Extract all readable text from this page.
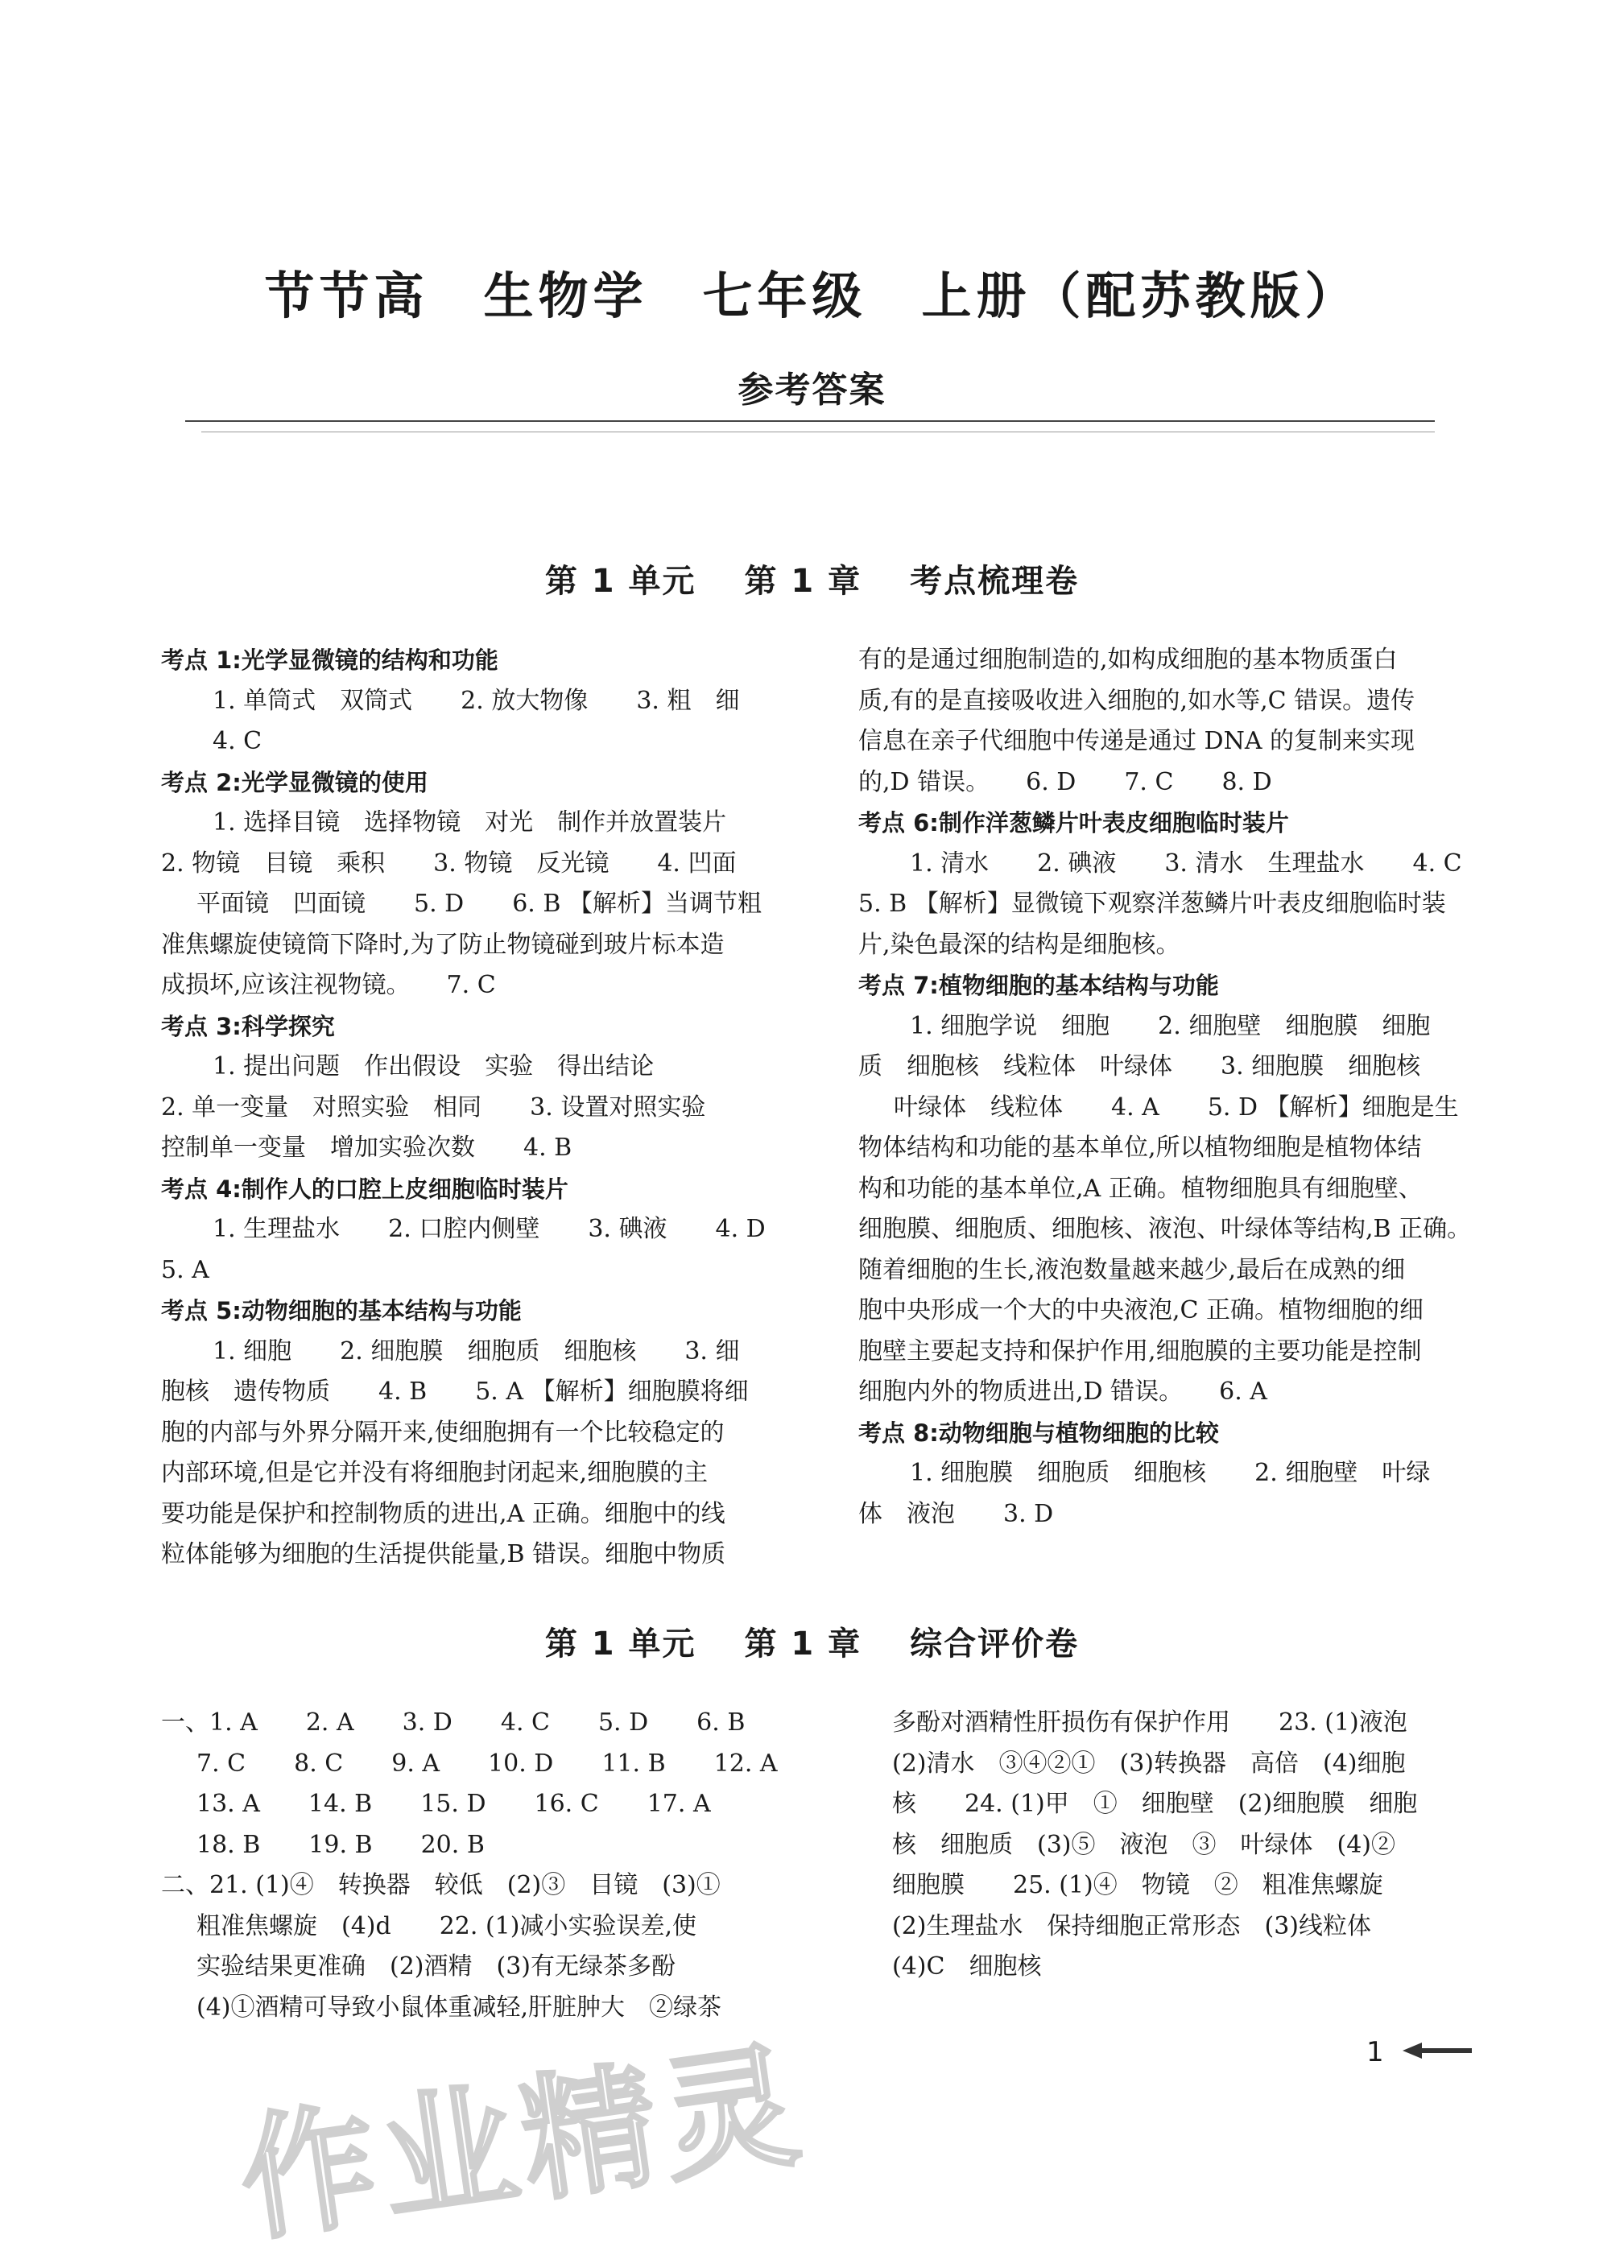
节节高　生物学　七年级　上册（配苏教版）
参考答案
第 1 单元 第 1 章 考点梳理卷
考点 1:光学显微镜的结构和功能
1. 单筒式　双筒式　　2. 放大物像　　3. 粗　细
4. C
考点 2:光学显微镜的使用
1. 选择目镜　选择物镜　对光　制作并放置装片
2. 物镜　目镜　乘积　　3. 物镜　反光镜　　4. 凹面
平面镜　凹面镜　　5. D　　6. B 【解析】当调节粗
准焦螺旋使镜筒下降时,为了防止物镜碰到玻片标本造
成损坏,应该注视物镜。　　7. C
考点 3:科学探究
1. 提出问题　作出假设　实验　得出结论
2. 单一变量　对照实验　相同　　3. 设置对照实验
控制单一变量　增加实验次数　　4. B
考点 4:制作人的口腔上皮细胞临时装片
1. 生理盐水　　2. 口腔内侧壁　　3. 碘液　　4. D
5. A
考点 5:动物细胞的基本结构与功能
1. 细胞　　2. 细胞膜　细胞质　细胞核　　3. 细
胞核　遗传物质　　4. B　　5. A 【解析】细胞膜将细
胞的内部与外界分隔开来,使细胞拥有一个比较稳定的
内部环境,但是它并没有将细胞封闭起来,细胞膜的主
要功能是保护和控制物质的进出,A 正确。细胞中的线
粒体能够为细胞的生活提供能量,B 错误。细胞中物质
有的是通过细胞制造的,如构成细胞的基本物质蛋白
质,有的是直接吸收进入细胞的,如水等,C 错误。遗传
信息在亲子代细胞中传递是通过 DNA 的复制来实现
的,D 错误。　　6. D　　7. C　　8. D
考点 6:制作洋葱鳞片叶表皮细胞临时装片
1. 清水　　2. 碘液　　3. 清水　生理盐水　　4. C
5. B 【解析】显微镜下观察洋葱鳞片叶表皮细胞临时装
片,染色最深的结构是细胞核。
考点 7:植物细胞的基本结构与功能
1. 细胞学说　细胞　　2. 细胞壁　细胞膜　细胞
质　细胞核　线粒体　叶绿体　　3. 细胞膜　细胞核
叶绿体　线粒体　　4. A　　5. D 【解析】细胞是生
物体结构和功能的基本单位,所以植物细胞是植物体结
构和功能的基本单位,A 正确。植物细胞具有细胞壁、
细胞膜、细胞质、细胞核、液泡、叶绿体等结构,B 正确。
随着细胞的生长,液泡数量越来越少,最后在成熟的细
胞中央形成一个大的中央液泡,C 正确。植物细胞的细
胞壁主要起支持和保护作用,细胞膜的主要功能是控制
细胞内外的物质进出,D 错误。　　6. A
考点 8:动物细胞与植物细胞的比较
1. 细胞膜　细胞质　细胞核　　2. 细胞壁　叶绿
体　液泡　　3. D
第 1 单元 第 1 章 综合评价卷
一、1. A　　2. A　　3. D　　4. C　　5. D　　6. B
7. C　　8. C　　9. A　　10. D　　11. B　　12. A
13. A　　14. B　　15. D　　16. C　　17. A
18. B　　19. B　　20. B
二、21. (1)④　转换器　较低　(2)③　目镜　(3)①
粗准焦螺旋　(4)d　　22. (1)减小实验误差,使
实验结果更准确　(2)酒精　(3)有无绿茶多酚
(4)①酒精可导致小鼠体重减轻,肝脏肿大　②绿茶
多酚对酒精性肝损伤有保护作用　　23. (1)液泡
(2)清水　③④②①　(3)转换器　高倍　(4)细胞
核　　24. (1)甲　①　细胞壁　(2)细胞膜　细胞
核　细胞质　(3)⑤　液泡　③　叶绿体　(4)②
细胞膜　　25. (1)④　物镜　②　粗准焦螺旋
(2)生理盐水　保持细胞正常形态　(3)线粒体
(4)C　细胞核
作业精灵	1
